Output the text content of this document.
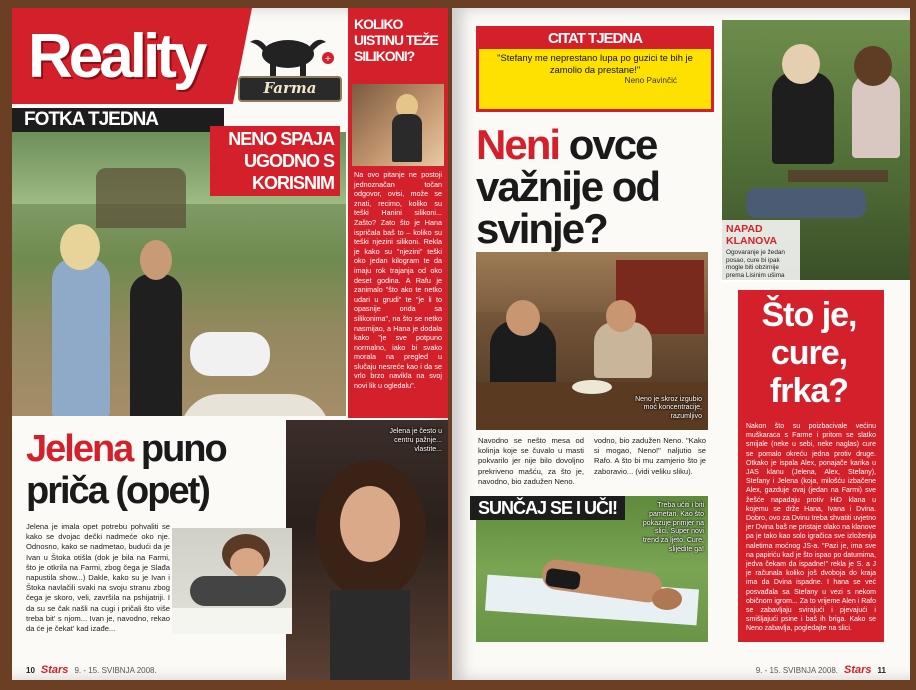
Reality	+
Farma
FOTKA TJEDNA
NENO SPAJA UGODNO S KORISNIM
KOLIKO UISTINU TEŽE SILIKONI?
Na ovo pitanje ne postoji jednoznačan točan odgovor, ovisi, može se znati, recimo, koliko su teški Hanini silikoni... Zašto? Zato što je Hana ispričala baš to – koliko su teški njezini silikoni. Rekla je kako su "njezini" teški oko jedan kilogram te da imaju rok trajanja od oko deset godina. A Rafu je zanimalo "što ako te netko udari u grudi" te "je li to opasnije onda sa silikonima", na što se netko nasmijao, a Hana je dodala kako "je sve potpuno normalno, iako bi svako morala na pregled u slučaju nesreće kao i da se vrlo brzo navikla na svoj novi lik u ogledalu".
Jelena puno
priča (opet)
Jelena je često u centru pažnje... vlastite...
Jelena je imala opet potrebu pohvaliti se kako se dvojac dečki nadmeće oko nje. Odnosno, kako se nadmetao, budući da je Ivan u Štoka otišla (dok je bila na Farmi, što je otkrila na Farmi, zbog čega je Slađa napustila show...) Dakle, kako su je Ivan i Štoka navlačili svaki na svoju stranu zbog čega je skoro, veli, završila na pshijatriji. I da su se čak našli na cugi i pričali što više treba bit' s njom... Ivan je, navodno, rekao da će je čekat' kad izađe...
10 Stars 9. - 15. SVIBNJA 2008.
CITAT TJEDNA
"Stefany me neprestano lupa po guzici te bih je zamolio da prestane!"
Neno Pavinčić
Neni ovce
važnije od
svinje?
Neno je skroz izgubio moć koncentracije, razumljivo
Navodno se nešto mesa od kolinja koje se čuvalo u masti pokvarilo jer nije bilo dovoljno prekriveno mašću, za što je, navodno, bio zadužen Neno.
vodno, bio zadužen Neno. "Kako si mogao, Neno!" naljutio se Rafo. A što bi mu zamjerio što je zaboravio... (vidi veliku sliku).
Treba učiti i biti pametan. Kao što pokazuje primjer na slici. Super novi trend za ljeto. Cure, slijedite ga!
SUNČAJ SE I UČI!
NAPAD KLANOVA
Ogovaranje je žedan posao, cure bi ipak mogle biti obzirnije prema Lisinim ušima
Što je,
cure,
frka?
Nakon što su poizbacivale većinu muškaraca s Farme i pritom se slatko smijale (neke u sebi, neke naglas) cure se pomalo okreću jedna protiv druge. Otkako je ispala Alex, ponajače karika u JAS klanu (Jelena, Alex, Stefany), Stefany i Jelena (koja, milošću izbačene Alex, gazduje ovaj (jedan na Farmi) sve žešće napadaju protiv HiD klana u kojemu se drže Hana, Ivana i Dvina. Dobro, ovo za Dvinu treba shvatiti uvjetno jer Dvina baš ne pristaje olako na klanove pa je tako kao solo igračica sve izloženija naletima moćnog JS-a. "Pazi je, ima sve na papiriću kad je što ispao po datumima, jedva čekam da ispadne!" rekla je S. a J je računala koliko još dvoboja do kraja ima da Dvina ispadne. I hana se već posvađala sa Stefany u vezi s nekom običnom igrom... Za to vrijeme Alen i Rafo se zabavljaju svirajući i pjevajući i smišljajući psine i baš ih briga. Kako se Neno zabavlja, pogledajte na slici.
9. - 15. SVIBNJA 2008. Stars 11
